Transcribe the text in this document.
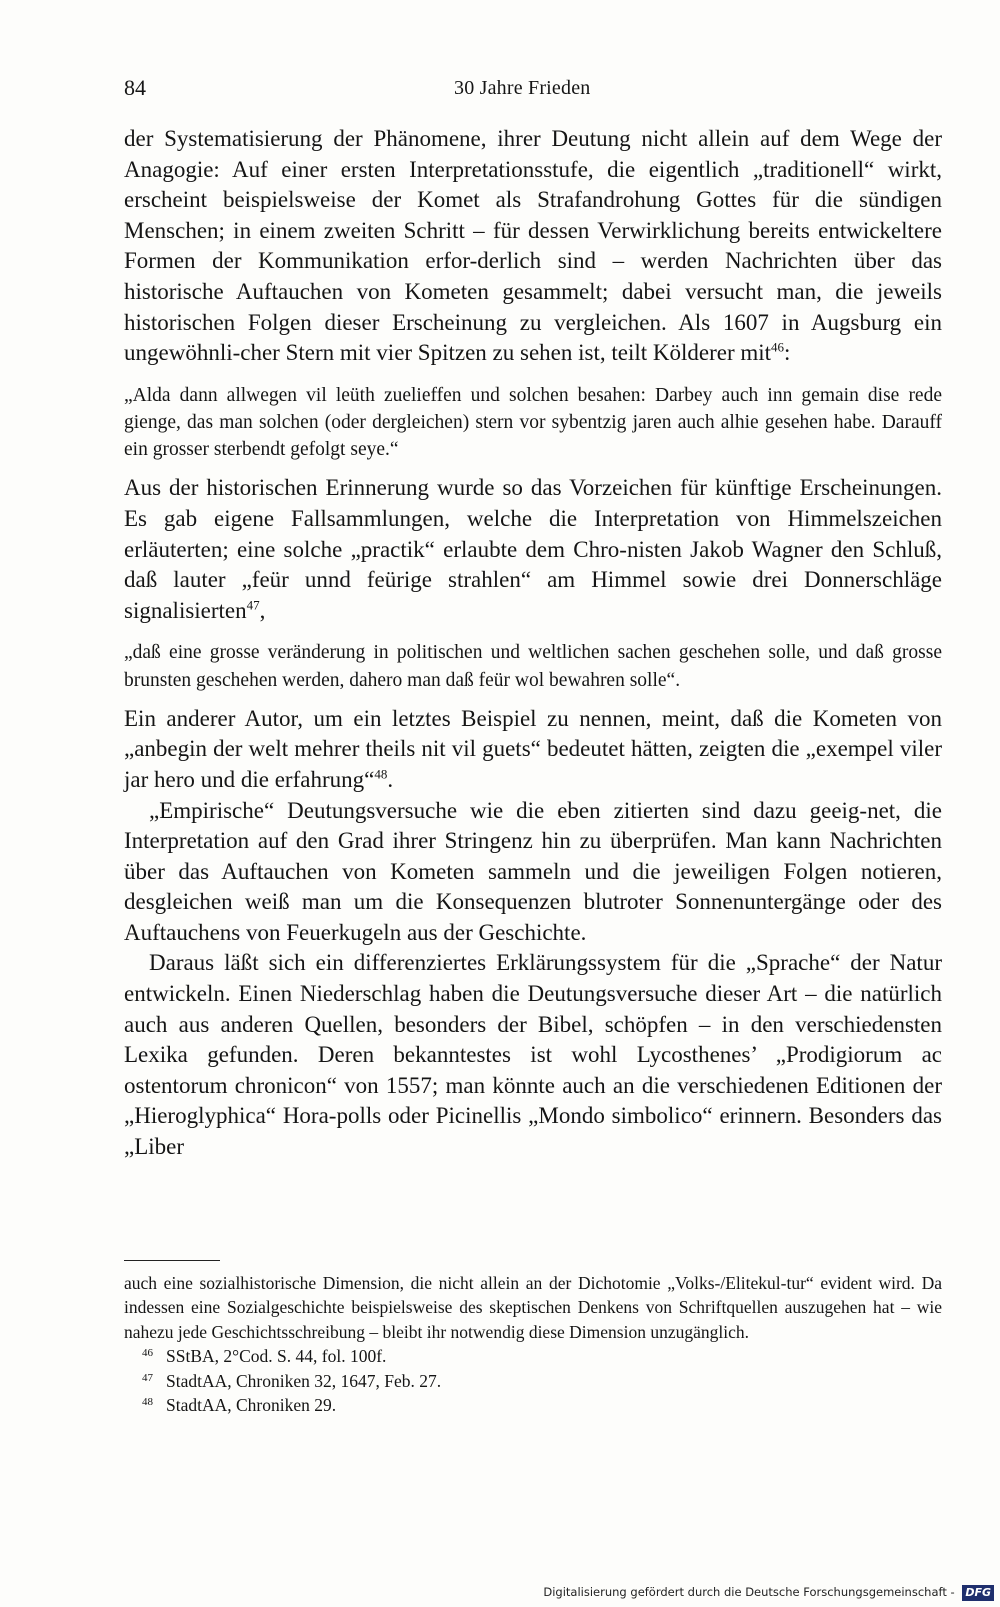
84	30 Jahre Frieden

der Systematisierung der Phänomene, ihrer Deutung nicht allein auf dem Wege der Anagogie: Auf einer ersten Interpretationsstufe, die eigentlich „traditionell“ wirkt, erscheint beispielsweise der Komet als Strafandrohung Gottes für die sündigen Menschen; in einem zweiten Schritt – für dessen Verwirklichung bereits entwickeltere Formen der Kommunikation erfor-derlich sind – werden Nachrichten über das historische Auftauchen von Kometen gesammelt; dabei versucht man, die jeweils historischen Folgen dieser Erscheinung zu vergleichen. Als 1607 in Augsburg ein ungewöhnli-cher Stern mit vier Spitzen zu sehen ist, teilt Kölderer mit$^{46}$:

„Alda dann allwegen vil leüth zuelieffen und solchen besahen: Darbey auch inn gemain dise rede gienge, das man solchen (oder dergleichen) stern vor sybentzig jaren auch alhie gesehen habe. Darauff ein grosser sterbendt gefolgt seye.“

Aus der historischen Erinnerung wurde so das Vorzeichen für künftige Erscheinungen. Es gab eigene Fallsammlungen, welche die Interpretation von Himmelszeichen erläuterten; eine solche „practik“ erlaubte dem Chro-nisten Jakob Wagner den Schluß, daß lauter „feür unnd feürige strahlen“ am Himmel sowie drei Donnerschläge signalisierten$^{47}$,

„daß eine grosse veränderung in politischen und weltlichen sachen geschehen solle, und daß grosse brunsten geschehen werden, dahero man daß feür wol bewahren solle“.

Ein anderer Autor, um ein letztes Beispiel zu nennen, meint, daß die Kometen von „anbegin der welt mehrer theils nit vil guets“ bedeutet hätten, zeigten die „exempel viler jar hero und die erfahrung“$^{48}$.

„Empirische“ Deutungsversuche wie die eben zitierten sind dazu geeig-net, die Interpretation auf den Grad ihrer Stringenz hin zu überprüfen. Man kann Nachrichten über das Auftauchen von Kometen sammeln und die jeweiligen Folgen notieren, desgleichen weiß man um die Konsequenzen blutroter Sonnenuntergänge oder des Auftauchens von Feuerkugeln aus der Geschichte.

Daraus läßt sich ein differenziertes Erklärungssystem für die „Sprache“ der Natur entwickeln. Einen Niederschlag haben die Deutungsversuche dieser Art – die natürlich auch aus anderen Quellen, besonders der Bibel, schöpfen – in den verschiedensten Lexika gefunden. Deren bekanntestes ist wohl Lycosthenes’ „Prodigiorum ac ostentorum chronicon“ von 1557; man könnte auch an die verschiedenen Editionen der „Hieroglyphica“ Hora-polls oder Picinellis „Mondo simbolico“ erinnern. Besonders das „Liber

auch eine sozialhistorische Dimension, die nicht allein an der Dichotomie „Volks-/Elitekul-tur“ evident wird. Da indessen eine Sozialgeschichte beispielsweise des skeptischen Denkens von Schriftquellen auszugehen hat – wie nahezu jede Geschichtsschreibung – bleibt ihr notwendig diese Dimension unzugänglich.

46 SStBA, 2°Cod. S. 44, fol. 100f.

47 StadtAA, Chroniken 32, 1647, Feb. 27.

48 StadtAA, Chroniken 29.

Digitalisierung gefördert durch die Deutsche Forschungsgemeinschaft - DFG
